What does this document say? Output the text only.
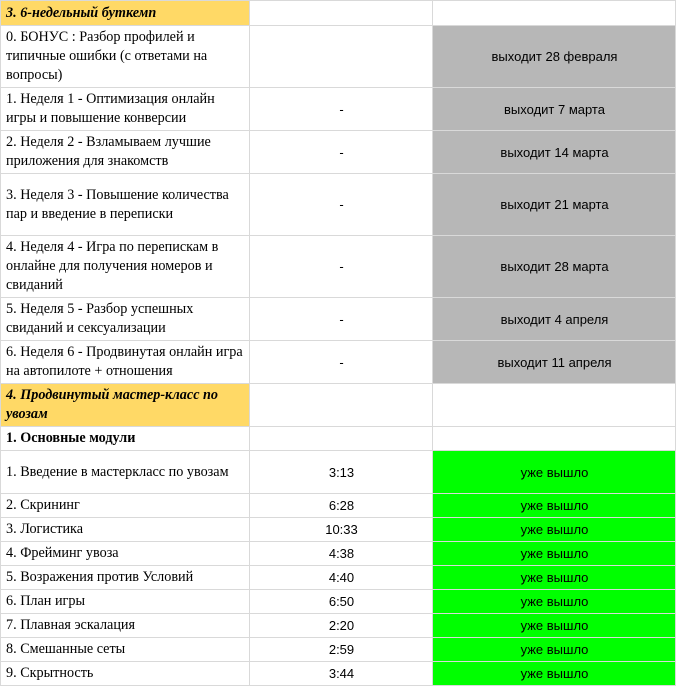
3. 6-недельный буткемп		
0. БОНУС : Разбор профилей и типичные ошибки (с ответами на вопросы)		выходит 28 февраля
1. Неделя 1 - Оптимизация онлайн игры и повышение конверсии	-	выходит 7 марта
2. Неделя 2 - Взламываем лучшие приложения для знакомств	-	выходит 14 марта
3. Неделя 3 - Повышение количества пар и введение в переписки	-	выходит 21 марта
4. Неделя 4 - Игра по перепискам в онлайне для получения номеров и свиданий	-	выходит 28 марта
5. Неделя 5 - Разбор успешных свиданий и сексуализации	-	выходит 4 апреля
6. Неделя 6 - Продвинутая онлайн игра на автопилоте + отношения	-	выходит 11 апреля
4. Продвинутый мастер-класс по увозам		
1. Основные модули		
1. Введение в мастеркласс по увозам	3:13	уже вышло
2. Скрининг	6:28	уже вышло
3. Логистика	10:33	уже вышло
4. Фрейминг увоза	4:38	уже вышло
5. Возражения против Условий	4:40	уже вышло
6. План игры	6:50	уже вышло
7. Плавная эскалация	2:20	уже вышло
8. Смешанные сеты	2:59	уже вышло
9. Скрытность	3:44	уже вышло
